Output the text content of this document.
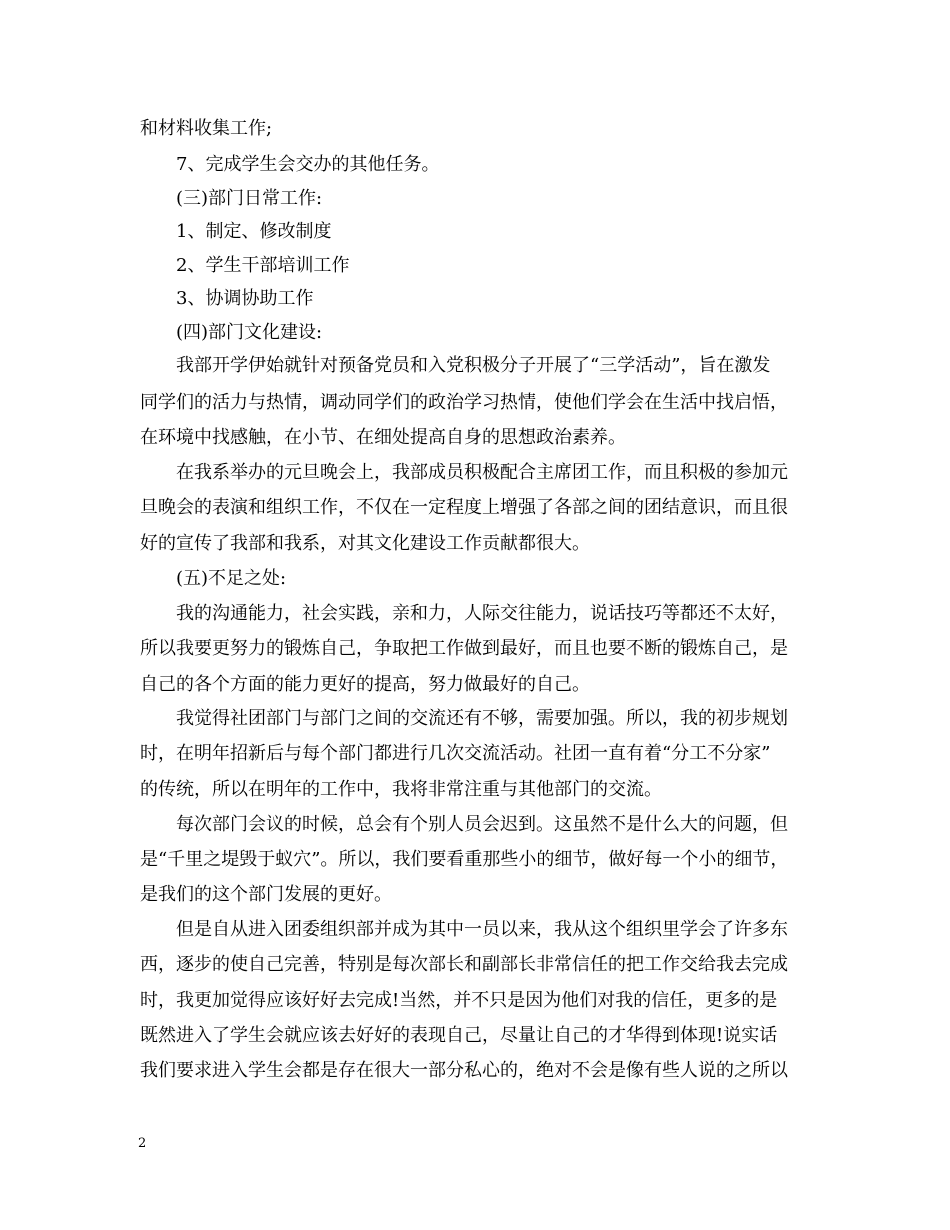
和材料收集工作;
7、完成学生会交办的其他任务。
(三)部门日常工作:
1、制定、修改制度
2、学生干部培训工作
3、协调协助工作
(四)部门文化建设:
我部开学伊始就针对预备党员和入党积极分子开展了“三学活动”，旨在激发
同学们的活力与热情，调动同学们的政治学习热情，使他们学会在生活中找启悟，
在环境中找感触，在小节、在细处提高自身的思想政治素养。
在我系举办的元旦晚会上，我部成员积极配合主席团工作，而且积极的参加元
旦晚会的表演和组织工作，不仅在一定程度上增强了各部之间的团结意识，而且很
好的宣传了我部和我系，对其文化建设工作贡献都很大。
(五)不足之处:
我的沟通能力，社会实践，亲和力，人际交往能力，说话技巧等都还不太好，
所以我要更努力的锻炼自己，争取把工作做到最好，而且也要不断的锻炼自己，是
自己的各个方面的能力更好的提高，努力做最好的自己。
我觉得社团部门与部门之间的交流还有不够，需要加强。所以，我的初步规划
时，在明年招新后与每个部门都进行几次交流活动。社团一直有着“分工不分家”
的传统，所以在明年的工作中，我将非常注重与其他部门的交流。
每次部门会议的时候，总会有个别人员会迟到。这虽然不是什么大的问题，但
是“千里之堤毁于蚁穴”。所以，我们要看重那些小的细节，做好每一个小的细节，
是我们的这个部门发展的更好。
但是自从进入团委组织部并成为其中一员以来，我从这个组织里学会了许多东
西，逐步的使自己完善，特别是每次部长和副部长非常信任的把工作交给我去完成
时，我更加觉得应该好好去完成!当然，并不只是因为他们对我的信任，更多的是
既然进入了学生会就应该去好好的表现自己，尽量让自己的才华得到体现!说实话
我们要求进入学生会都是存在很大一部分私心的，绝对不会是像有些人说的之所以
2
